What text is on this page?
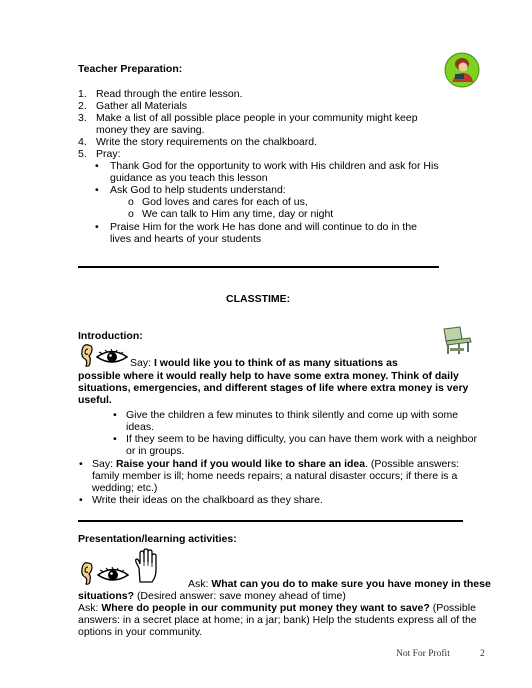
Teacher Preparation:
1. Read through the entire lesson.
2. Gather all Materials
3. Make a list of all possible place people in your community might keep
money they are saving.
4. Write the story requirements on the chalkboard.
5. Pray:
• Thank God for the opportunity to work with His children and ask for His
guidance as you teach this lesson
• Ask God to help students understand:
o God loves and cares for each of us,
o We can talk to Him any time, day or night
• Praise Him for the work He has done and will continue to do in the
lives and hearts of your students
CLASSTIME:
Introduction:
Say: I would like you to think of as many situations as
possible where it would really help to have some extra money. Think of daily
situations, emergencies, and different stages of life where extra money is very
useful.
• Give the children a few minutes to think silently and come up with some
ideas.
• If they seem to be having difficulty, you can have them work with a neighbor
or in groups.
• Say: Raise your hand if you would like to share an idea. (Possible answers:
family member is ill; home needs repairs; a natural disaster occurs; if there is a
wedding; etc.)
• Write their ideas on the chalkboard as they share.
Presentation/learning activities:
Ask: What can you do to make sure you have money in these
situations? (Desired answer: save money ahead of time)
Ask: Where do people in our community put money they want to save? (Possible
answers: in a secret place at home; in a jar; bank) Help the students express all of the
options in your community.
Not For Profit	2
